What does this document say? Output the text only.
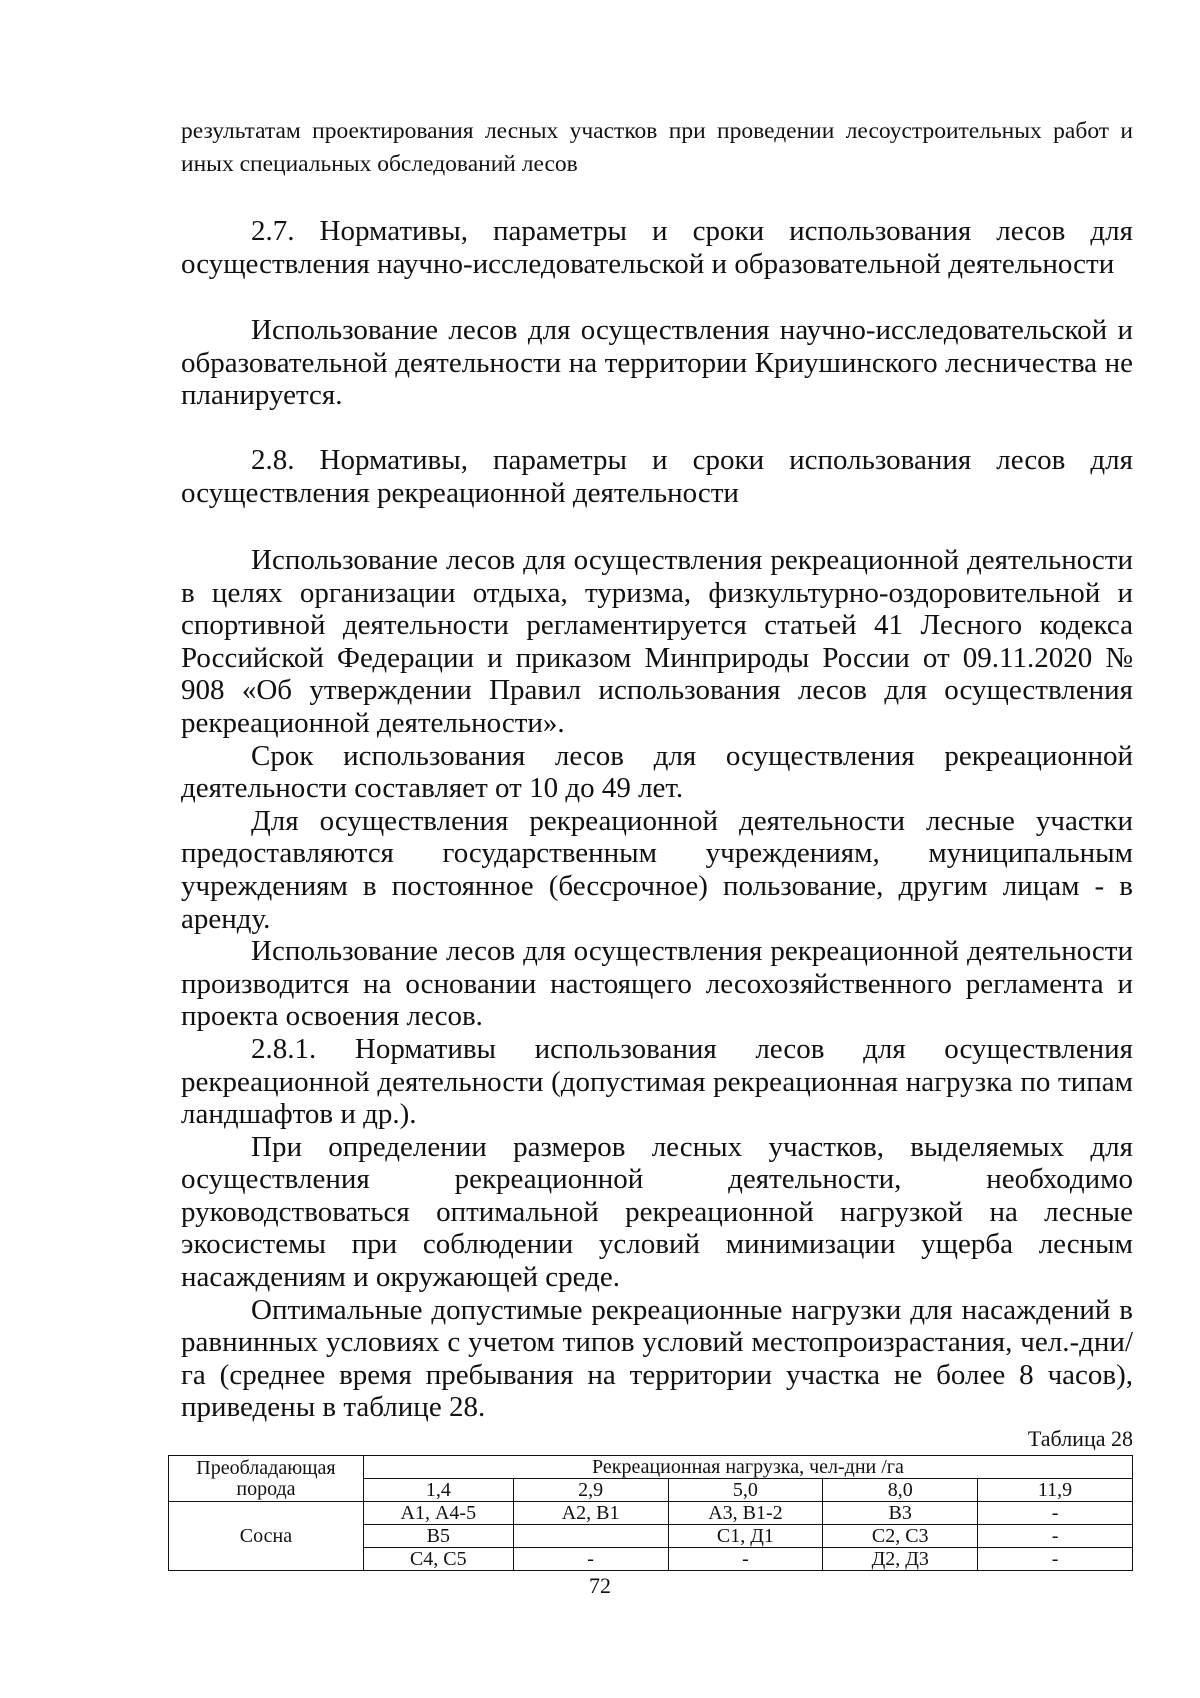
результатам проектирования лесных участков при проведении лесоустроительных работ и иных специальных обследований лесов

2.7. Нормативы, параметры и сроки использования лесов для осуществления научно-исследовательской и образовательной деятельности

Использование лесов для осуществления научно-исследовательской и образовательной деятельности на территории Криушинского лесничества не планируется.

2.8. Нормативы, параметры и сроки использования лесов для осуществления рекреационной деятельности

Использование лесов для осуществления рекреационной деятельности в целях организации отдыха, туризма, физкультурно-оздоровительной и спортивной деятельности регламентируется статьей 41 Лесного кодекса Российской Федерации и приказом Минприроды России от 09.11.2020 № 908 «Об утверждении Правил использования лесов для осуществления рекреационной деятельности».

Срок использования лесов для осуществления рекреационной деятельности составляет от 10 до 49 лет.

Для осуществления рекреационной деятельности лесные участки предоставляются государственным учреждениям, муниципальным учреждениям в постоянное (бессрочное) пользование, другим лицам - в аренду.

Использование лесов для осуществления рекреационной деятельности производится на основании настоящего лесохозяйственного регламента и проекта освоения лесов.

2.8.1. Нормативы использования лесов для осуществления рекреационной деятельности (допустимая рекреационная нагрузка по типам ландшафтов и др.).

При определении размеров лесных участков, выделяемых для осуществления рекреационной деятельности, необходимо руководствоваться оптимальной рекреационной нагрузкой на лесные экосистемы при соблюдении условий минимизации ущерба лесным насаждениям и окружающей среде.

Оптимальные допустимые рекреационные нагрузки для насаждений в равнинных условиях с учетом типов условий местопроизрастания, чел.-дни/га (среднее время пребывания на территории участка не более 8 часов), приведены в таблице 28.

Таблица 28
Преобладающая порода	Рекреационная нагрузка, чел-дни /га				
	1,4	2,9	5,0	8,0	11,9
Сосна	А1, А4-5	А2, В1	А3, В1-2	В3	-
	В5		С1, Д1	С2, С3	-
	С4, С5	-	-	Д2, Д3	-
72
